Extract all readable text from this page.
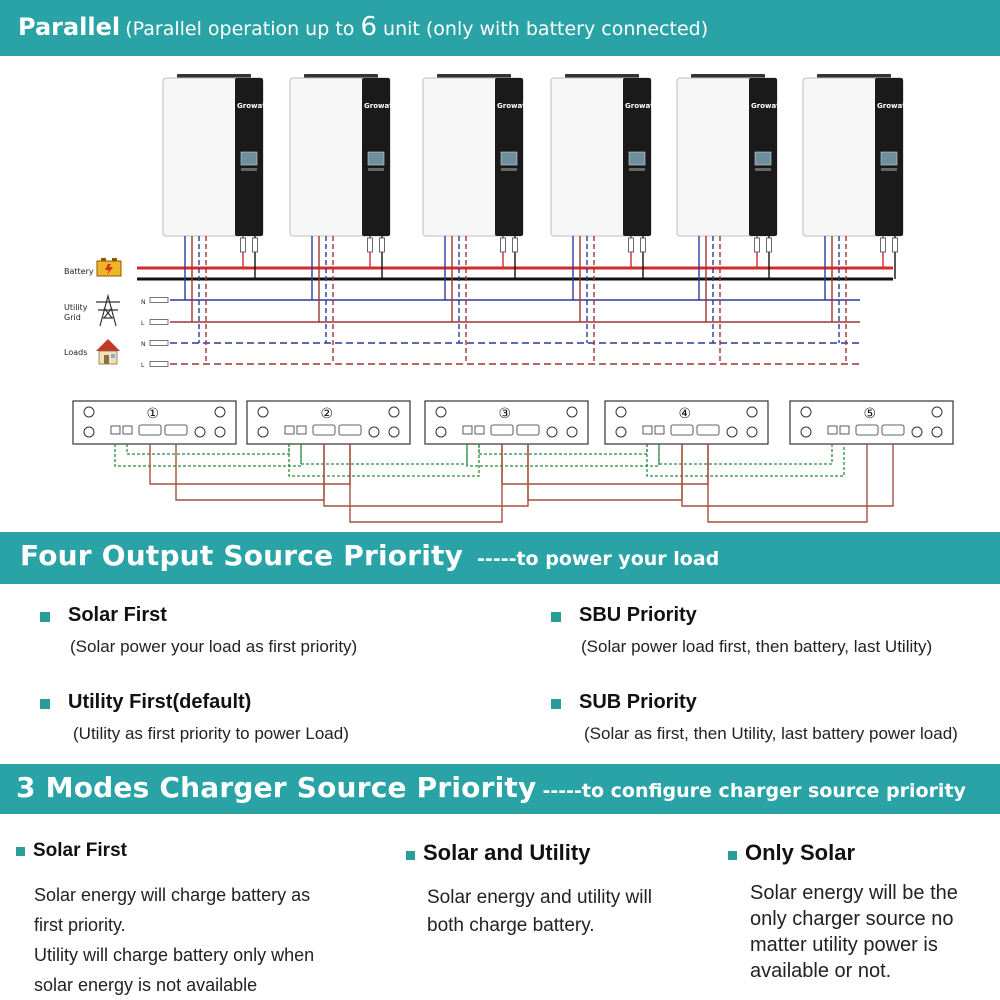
Parallel (Parallel operation up to 6 unit (only with battery connected)
Growatt	Growatt	Growatt	Growatt	Growatt	Growatt
Battery
Utility
Grid
Loads
N
L
N
L
①	②	③	④	⑤
Four Output Source Priority -----to power your load
Solar First
(Solar power your load as first priority)
SBU Priority
(Solar power load first, then battery, last Utility)
Utility First(default)
(Utility as first priority to power Load)
SUB Priority
(Solar as first, then Utility, last battery power load)
3 Modes Charger Source Priority -----to configure charger source priority
Solar First
Solar energy will charge battery as
first priority.
Utility will charge battery only when
solar energy is not available
Solar and Utility
Solar energy and utility will
both charge battery.
Only Solar
Solar energy will be the
only charger source no
matter utility power is
available or not.
